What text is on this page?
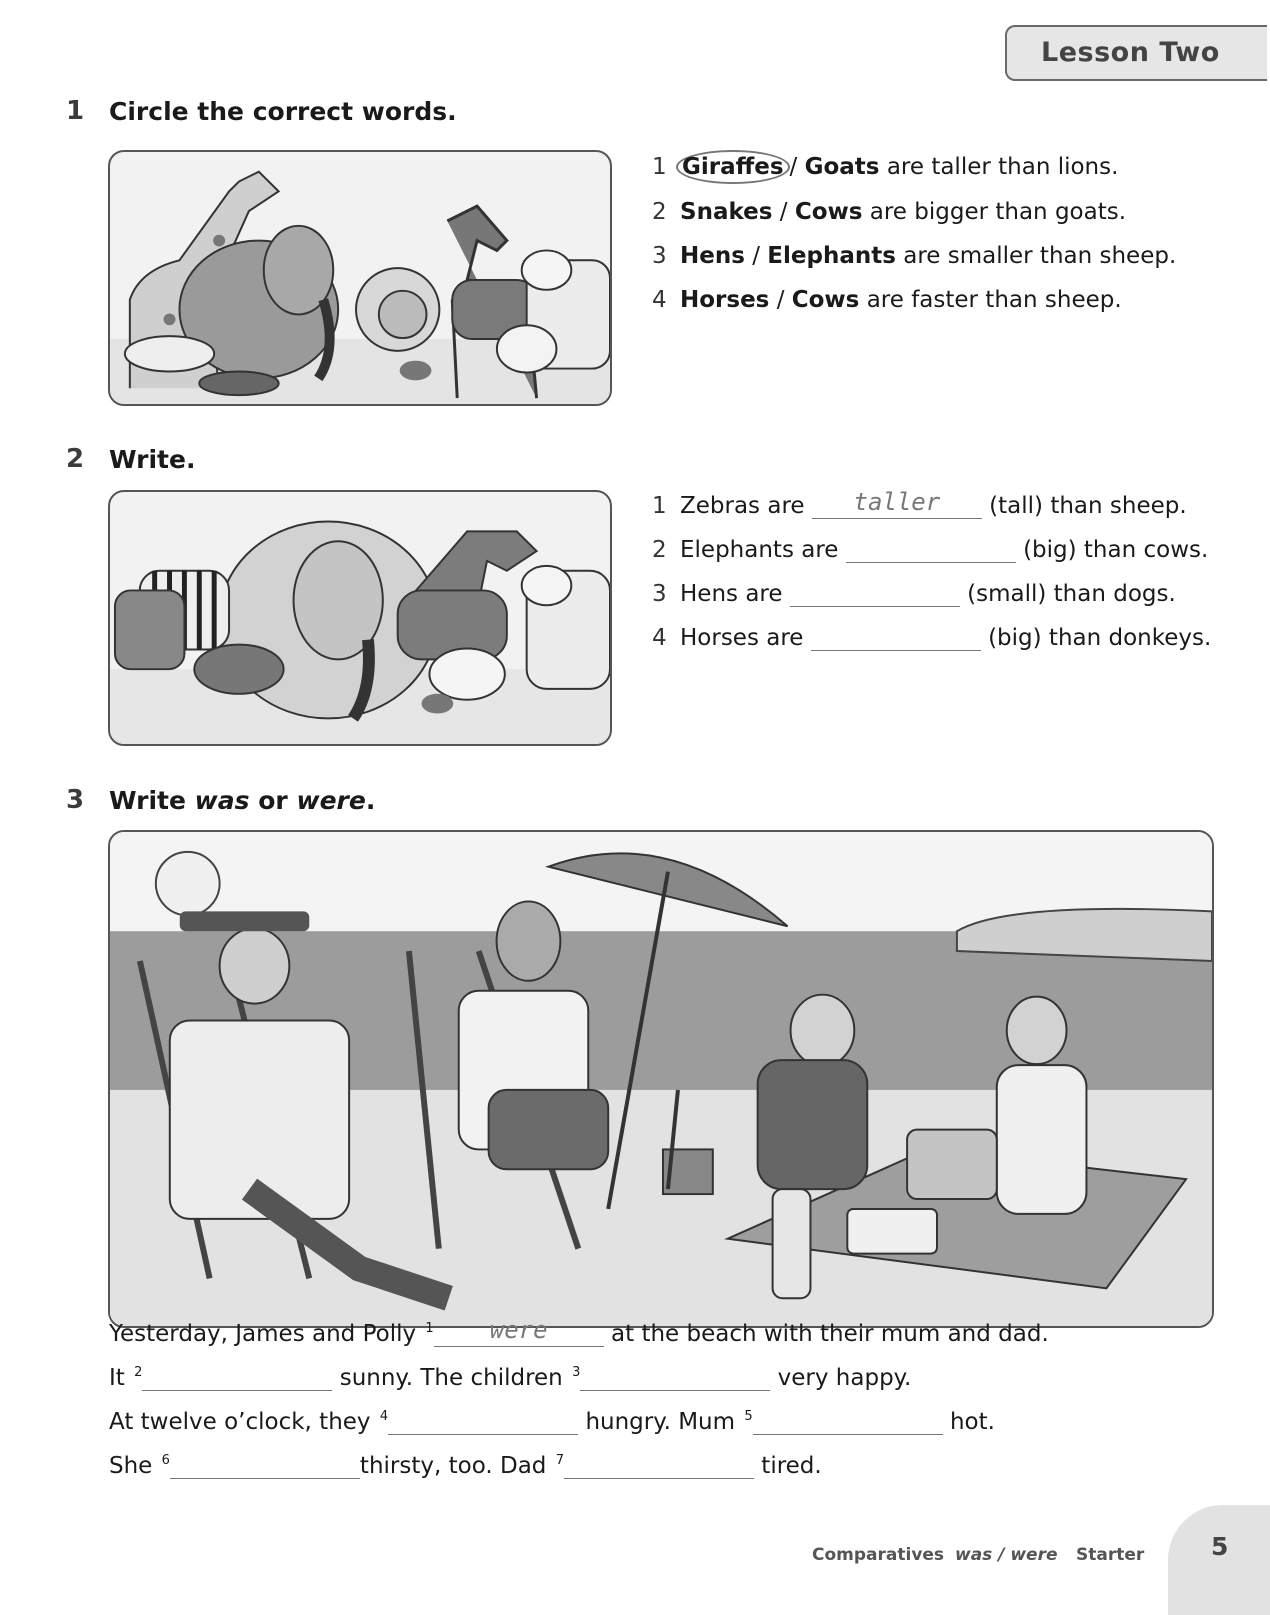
Lesson Two
1 Circle the correct words.
1 Giraffes / Goats are taller than lions.
2 Snakes / Cows are bigger than goats.
3 Hens / Elephants are smaller than sheep.
4 Horses / Cows are faster than sheep.
2 Write.
1 Zebras are	taller	(tall) than sheep.
2 Elephants are	(big) than cows.
3 Hens are	(small) than dogs.
4 Horses are	(big) than donkeys.
3 Write was or were.
Yesterday, James and Polly $^1$	were	at the beach with their mum and dad.
It $^2$	sunny. The children $^3$	very happy.
At twelve o’clock, they $^4$	hungry. Mum $^5$	hot.
She $^6$	thirsty, too. Dad $^7$	tired.
Comparatives was / were Starter	5
